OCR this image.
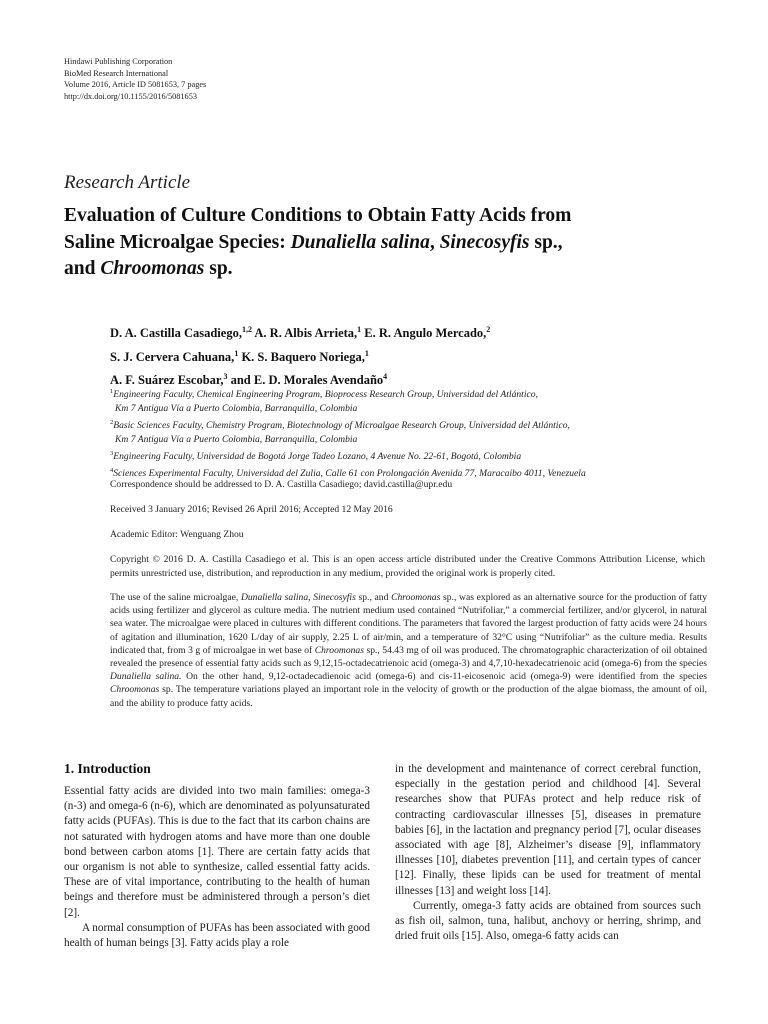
Hindawi Publishing Corporation
BioMed Research International
Volume 2016, Article ID 5081653, 7 pages
http://dx.doi.org/10.1155/2016/5081653
Research Article
Evaluation of Culture Conditions to Obtain Fatty Acids from
Saline Microalgae Species: Dunaliella salina, Sinecosyfis sp.,
and Chroomonas sp.
D. A. Castilla Casadiego,$^{1,2}$ A. R. Albis Arrieta,$^1$ E. R. Angulo Mercado,$^2$
S. J. Cervera Cahuana,$^1$ K. S. Baquero Noriega,$^1$
A. F. Suárez Escobar,$^3$ and E. D. Morales Avendaño$^4$
$^1$Engineering Faculty, Chemical Engineering Program, Bioprocess Research Group, Universidad del Atlántico,
Km 7 Antigua Vía a Puerto Colombia, Barranquilla, Colombia
$^2$Basic Sciences Faculty, Chemistry Program, Biotechnology of Microalgae Research Group, Universidad del Atlántico,
Km 7 Antigua Vía a Puerto Colombia, Barranquilla, Colombia
$^3$Engineering Faculty, Universidad de Bogotá Jorge Tadeo Lozano, 4 Avenue No. 22-61, Bogotá, Colombia
$^4$Sciences Experimental Faculty, Universidad del Zulia, Calle 61 con Prolongación Avenida 77, Maracaibo 4011, Venezuela
Correspondence should be addressed to D. A. Castilla Casadiego; david.castilla@upr.edu
Received 3 January 2016; Revised 26 April 2016; Accepted 12 May 2016
Academic Editor: Wenguang Zhou
Copyright © 2016 D. A. Castilla Casadiego et al. This is an open access article distributed under the Creative Commons Attribution License, which permits unrestricted use, distribution, and reproduction in any medium, provided the original work is properly cited.
The use of the saline microalgae, Dunaliella salina, Sinecosyfis sp., and Chroomonas sp., was explored as an alternative source for the production of fatty acids using fertilizer and glycerol as culture media. The nutrient medium used contained “Nutrifoliar,” a commercial fertilizer, and/or glycerol, in natural sea water. The microalgae were placed in cultures with different conditions. The parameters that favored the largest production of fatty acids were 24 hours of agitation and illumination, 1620 L/day of air supply, 2.25 L of air/min, and a temperature of 32°C using “Nutrifoliar” as the culture media. Results indicated that, from 3 g of microalgae in wet base of Chroomonas sp., 54.43 mg of oil was produced. The chromatographic characterization of oil obtained revealed the presence of essential fatty acids such as 9,12,15-octadecatrienoic acid (omega-3) and 4,7,10-hexadecatrienoic acid (omega-6) from the species Dunaliella salina. On the other hand, 9,12-octadecadienoic acid (omega-6) and cis-11-eicosenoic acid (omega-9) were identified from the species Chroomonas sp. The temperature variations played an important role in the velocity of growth or the production of the algae biomass, the amount of oil, and the ability to produce fatty acids.
1. Introduction

Essential fatty acids are divided into two main families: omega-3 (n-3) and omega-6 (n-6), which are denominated as polyunsaturated fatty acids (PUFAs). This is due to the fact that its carbon chains are not saturated with hydrogen atoms and have more than one double bond between carbon atoms [1]. There are certain fatty acids that our organism is not able to synthesize, called essential fatty acids. These are of vital importance, contributing to the health of human beings and therefore must be administered through a person’s diet [2].

A normal consumption of PUFAs has been associated with good health of human beings [3]. Fatty acids play a role

in the development and maintenance of correct cerebral function, especially in the gestation period and childhood [4]. Several researches show that PUFAs protect and help reduce risk of contracting cardiovascular illnesses [5], diseases in premature babies [6], in the lactation and pregnancy period [7], ocular diseases associated with age [8], Alzheimer’s disease [9], inflammatory illnesses [10], diabetes prevention [11], and certain types of cancer [12]. Finally, these lipids can be used for treatment of mental illnesses [13] and weight loss [14].

Currently, omega-3 fatty acids are obtained from sources such as fish oil, salmon, tuna, halibut, anchovy or herring, shrimp, and dried fruit oils [15]. Also, omega-6 fatty acids can
